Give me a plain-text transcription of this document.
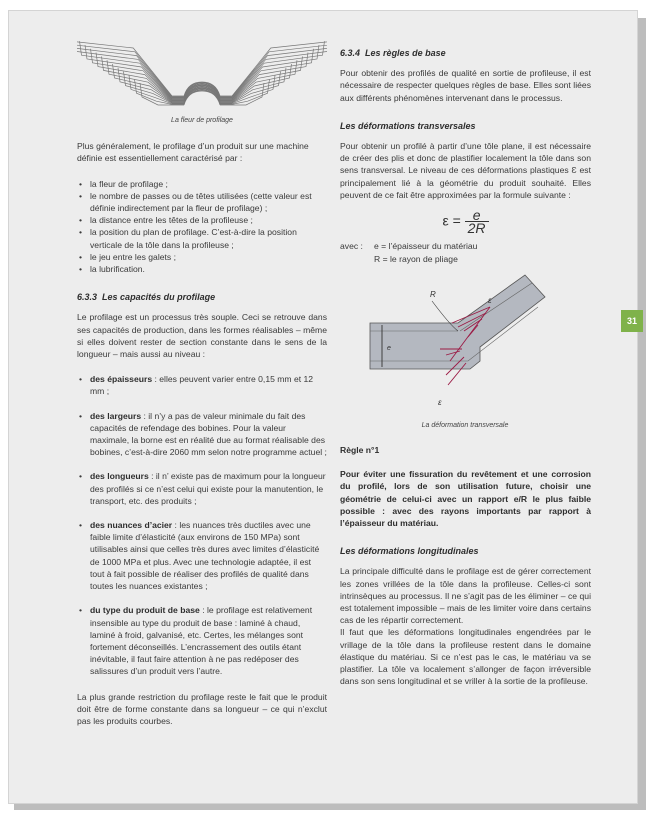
La fleur de profilage

Plus généralement, le profilage d’un produit sur une machine définie est essentiellement caractérisé par :

• la fleur de profilage ;
• le nombre de passes ou de têtes utilisées (cette valeur est définie indirectement par la fleur de profilage) ;
• la distance entre les têtes de la profileuse ;
• la position du plan de profilage. C’est-à-dire la position verticale de la tôle dans la profileuse ;
• le jeu entre les galets ;
• la lubrification.
6.3.3 Les capacités du profilage

Le profilage est un processus très souple. Ceci se retrouve dans ses capacités de production, dans les formes réalisables – même si elles doivent rester de section constante dans le sens de la longueur – mais aussi au niveau :

• des épaisseurs : elles peuvent varier entre 0,15 mm et 12 mm ;
• des largeurs : il n’y a pas de valeur minimale du fait des capacités de refendage des bobines. Pour la valeur maximale, la borne est en réalité due au format réalisable des bobines, c’est-à-dire 2060 mm selon notre programme actuel ;
• des longueurs : il n’ existe pas de maximum pour la longueur des profilés si ce n’est celui qui existe pour la manutention, le transport, etc. des produits ;
• des nuances d’acier : les nuances très ductiles avec une faible limite d’élasticité (aux environs de 150 MPa) sont utilisables ainsi que celles très dures avec limites d’élasticité de 1000 MPa et plus. Avec une technologie adaptée, il est tout à fait possible de réaliser des profilés de qualité dans toutes les nuances existantes ;
• du type du produit de base : le profilage est relativement insensible au type du produit de base : laminé à chaud, laminé à froid, galvanisé, etc. Certes, les mélanges sont fortement déconseillés. L’encrassement des outils étant inévitable, il faut faire attention à ne pas redéposer des salissures d’un produit vers l’autre.

La plus grande restriction du profilage reste le fait que le produit doit être de forme constante dans sa longueur – ce qui n’exclut pas les produits courbes.

6.3.4 Les règles de base

Pour obtenir des profilés de qualité en sortie de profileuse, il est nécessaire de respecter quelques règles de base. Elles sont liées aux différents phénomènes intervenant dans le processus.

Les déformations transversales

Pour obtenir un profilé à partir d’une tôle plane, il est nécessaire de créer des plis et donc de plastifier localement la tôle dans son sens transversal. Le niveau de ces déformations plastiques Ɛ est principalement lié à la géométrie du produit souhaité. Elles peuvent de ce fait être approximées par la formule suivante :

$\varepsilon = \frac{e}{2R}$
avec :	e = l’épaisseur du matériau
R = le rayon de pliage
e
R
ε
ε
La déformation transversale
Règle n°1

Pour éviter une fissuration du revêtement et une corrosion du profilé, lors de son utilisation future, choisir une géométrie de celui-ci avec un rapport e/R le plus faible possible : avec des rayons importants par rapport à l’épaisseur du matériau.

Les déformations longitudinales

La principale difficulté dans le profilage est de gérer correctement les zones vrillées de la tôle dans la profileuse. Celles-ci sont intrinsèques au processus. Il ne s’agit pas de les éliminer – ce qui est totalement impossible – mais de les limiter voire dans certains cas de les répartir correctement.

Il faut que les déformations longitudinales engendrées par le vrillage de la tôle dans la profileuse restent dans le domaine élastique du matériau. Si ce n’est pas le cas, le matériau va se plastifier. La tôle va localement s’allonger de façon irréversible dans son sens longitudinal et se vriller à la sortie de la profileuse.

31
